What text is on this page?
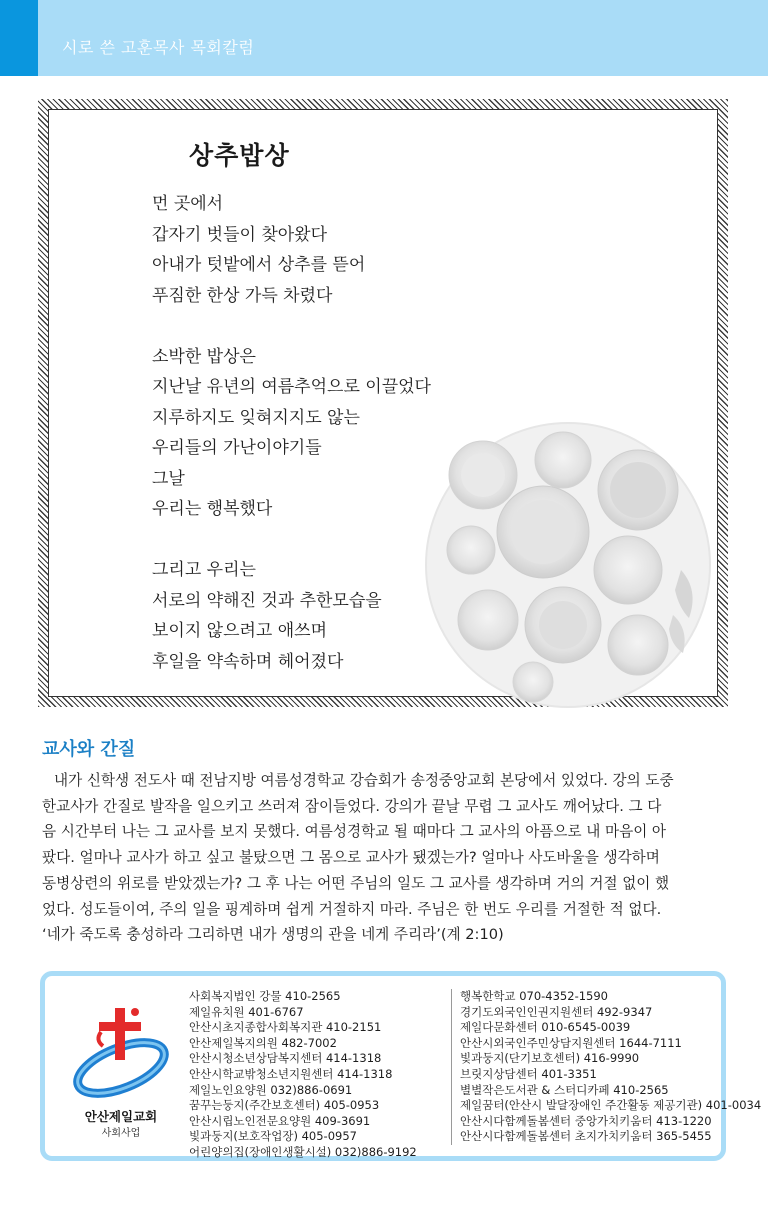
시로 쓴 고훈목사 목회칼럼
상추밥상
먼 곳에서
갑자기 벗들이 찾아왔다
아내가 텃밭에서 상추를 뜯어
푸짐한 한상 가득 차렸다
소박한 밥상은
지난날 유년의 여름추억으로 이끌었다
지루하지도 잊혀지지도 않는
우리들의 가난이야기들
그날
우리는 행복했다
그리고 우리는
서로의 약해진 것과 추한모습을
보이지 않으려고 애쓰며
후일을 약속하며 헤어졌다
교사와 간질
내가 신학생 전도사 때 전남지방 여름성경학교 강습회가 송정중앙교회 본당에서 있었다. 강의 도중
한교사가 간질로 발작을 일으키고 쓰러져 잠이들었다. 강의가 끝날 무렵 그 교사도 깨어났다. 그 다
음 시간부터 나는 그 교사를 보지 못했다. 여름성경학교 될 때마다 그 교사의 아픔으로 내 마음이 아
팠다. 얼마나 교사가 하고 싶고 불탔으면 그 몸으로 교사가 됐겠는가? 얼마나 사도바울을 생각하며
동병상련의 위로를 받았겠는가? 그 후 나는 어떤 주님의 일도 그 교사를 생각하며 거의 거절 없이 했
었다. 성도들이여, 주의 일을 핑계하며 쉽게 거절하지 마라. 주님은 한 번도 우리를 거절한 적 없다.
‘네가 죽도록 충성하라 그리하면 내가 생명의 관을 네게 주리라’(계 2:10)
안산제일교회
사회사업
사회복지법인 강물 410-2565
제일유치원 401-6767
안산시초지종합사회복지관 410-2151
안산제일복지의원 482-7002
안산시청소년상담복지센터 414-1318
안산시학교밖청소년지원센터 414-1318
제일노인요양원 032)886-0691
꿈꾸는둥지(주간보호센터) 405-0953
안산시립노인전문요양원 409-3691
빛과둥지(보호작업장) 405-0957
어린양의집(장애인생활시설) 032)886-9192
행복한학교 070-4352-1590
경기도외국인인권지원센터 492-9347
제일다문화센터 010-6545-0039
안산시외국인주민상담지원센터 1644-7111
빛과둥지(단기보호센터) 416-9990
브릿지상담센터 401-3351
별별작은도서관 & 스터디카페 410-2565
제일꿈터(안산시 발달장애인 주간활동 제공기관) 401-0034
안산시다함께돌봄센터 중앙가치키움터 413-1220
안산시다함께돌봄센터 초지가치키움터 365-5455
